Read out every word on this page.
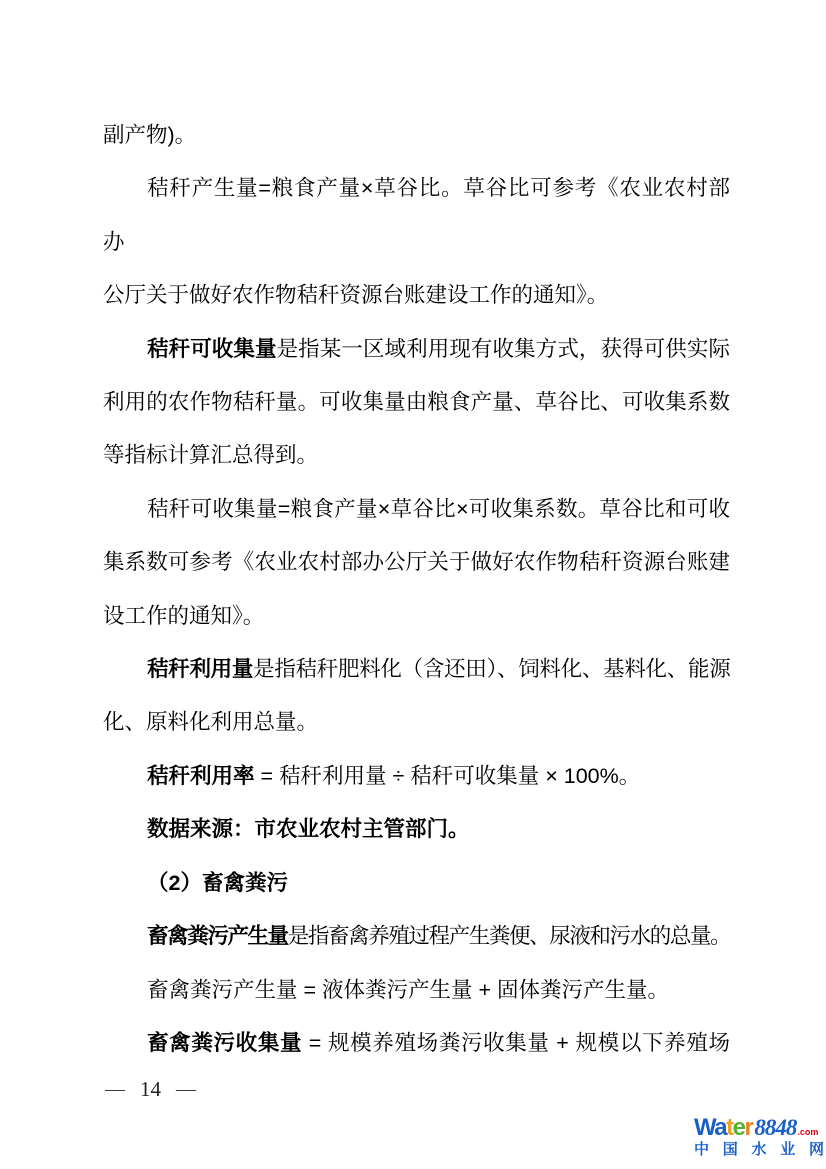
副产物)。
秸秆产生量=粮食产量×草谷比。草谷比可参考《农业农村部办
公厅关于做好农作物秸秆资源台账建设工作的通知》。
秸秆可收集量是指某一区域利用现有收集方式，获得可供实际
利用的农作物秸秆量。可收集量由粮食产量、草谷比、可收集系数
等指标计算汇总得到。
秸秆可收集量=粮食产量×草谷比×可收集系数。草谷比和可收
集系数可参考《农业农村部办公厅关于做好农作物秸秆资源台账建
设工作的通知》。
秸秆利用量是指秸秆肥料化（含还田）、饲料化、基料化、能源
化、原料化利用总量。
秸秆利用率 = 秸秆利用量 ÷ 秸秆可收集量 × 100%。
数据来源：市农业农村主管部门。
（2）畜禽粪污
畜禽粪污产生量是指畜禽养殖过程产生粪便、尿液和污水的总量。
畜禽粪污产生量 = 液体粪污产生量 + 固体粪污产生量。
畜禽粪污收集量 = 规模养殖场粪污收集量 + 规模以下养殖场
— 14 —
Water 8848 .com
中 国 水 业 网
